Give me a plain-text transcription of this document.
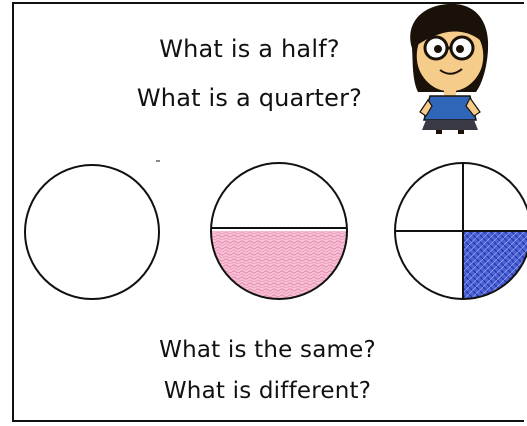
What is a half?
What is a quarter?
What is the same?
What is different?
